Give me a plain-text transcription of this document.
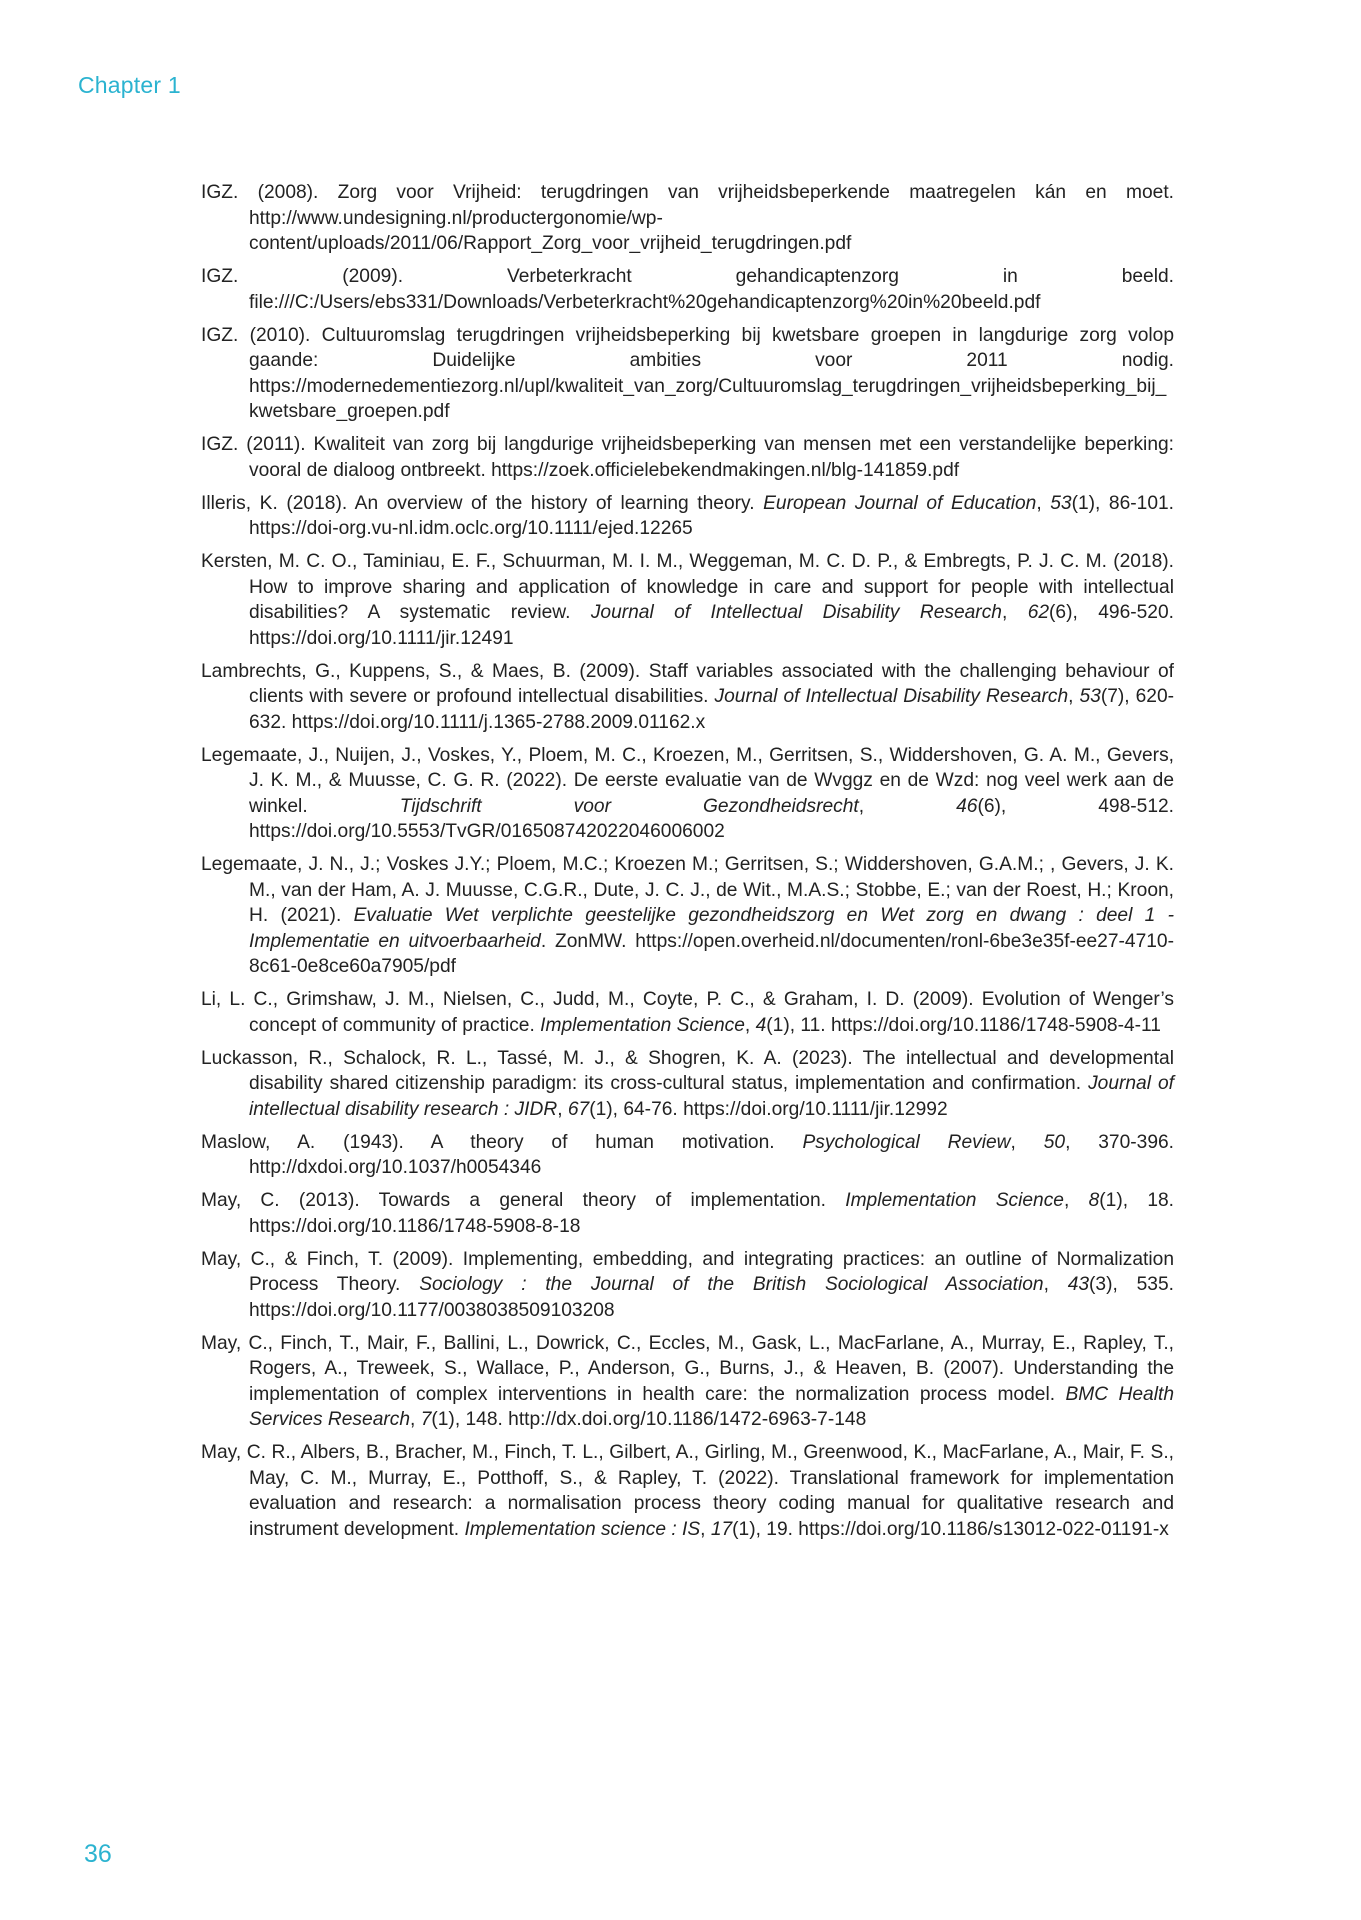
Chapter 1
IGZ. (2008). Zorg voor Vrijheid: terugdringen van vrijheidsbeperkende maatregelen kán en moet. http://www.undesigning.nl/productergonomie/wp-content/uploads/2011/06/Rapport_Zorg_voor_vrijheid_terugdringen.pdf
IGZ. (2009). Verbeterkracht gehandicaptenzorg in beeld. file:///C:/Users/ebs331/Downloads/Verbeterkracht%20gehandicaptenzorg%20in%20beeld.pdf
IGZ. (2010). Cultuuromslag terugdringen vrijheidsbeperking bij kwetsbare groepen in langdurige zorg volop gaande: Duidelijke ambities voor 2011 nodig. https://modernedementiezorg.nl/upl/kwaliteit_van_zorg/Cultuuromslag_terugdringen_vrijheidsbeperking_bij_kwetsbare_groepen.pdf
IGZ. (2011). Kwaliteit van zorg bij langdurige vrijheidsbeperking van mensen met een verstandelijke beperking: vooral de dialoog ontbreekt. https://zoek.officielebekendmakingen.nl/blg-141859.pdf
Illeris, K. (2018). An overview of the history of learning theory. European Journal of Education, 53(1), 86-101. https://doi-org.vu-nl.idm.oclc.org/10.1111/ejed.12265
Kersten, M. C. O., Taminiau, E. F., Schuurman, M. I. M., Weggeman, M. C. D. P., & Embregts, P. J. C. M. (2018). How to improve sharing and application of knowledge in care and support for people with intellectual disabilities? A systematic review. Journal of Intellectual Disability Research, 62(6), 496-520. https://doi.org/10.1111/jir.12491
Lambrechts, G., Kuppens, S., & Maes, B. (2009). Staff variables associated with the challenging behaviour of clients with severe or profound intellectual disabilities. Journal of Intellectual Disability Research, 53(7), 620-632. https://doi.org/10.1111/j.1365-2788.2009.01162.x
Legemaate, J., Nuijen, J., Voskes, Y., Ploem, M. C., Kroezen, M., Gerritsen, S., Widdershoven, G. A. M., Gevers, J. K. M., & Muusse, C. G. R. (2022). De eerste evaluatie van de Wvggz en de Wzd: nog veel werk aan de winkel. Tijdschrift voor Gezondheidsrecht, 46(6), 498-512. https://doi.org/10.5553/TvGR/016508742022046006002
Legemaate, J. N., J.; Voskes J.Y.; Ploem, M.C.; Kroezen M.; Gerritsen, S.; Widdershoven, G.A.M.; , Gevers, J. K. M., van der Ham, A. J. Muusse, C.G.R., Dute, J. C. J., de Wit., M.A.S.; Stobbe, E.; van der Roest, H.; Kroon, H. (2021). Evaluatie Wet verplichte geestelijke gezondheidszorg en Wet zorg en dwang : deel 1 - Implementatie en uitvoerbaarheid. ZonMW. https://open.overheid.nl/documenten/ronl-6be3e35f-ee27-4710-8c61-0e8ce60a7905/pdf
Li, L. C., Grimshaw, J. M., Nielsen, C., Judd, M., Coyte, P. C., & Graham, I. D. (2009). Evolution of Wenger’s concept of community of practice. Implementation Science, 4(1), 11. https://doi.org/10.1186/1748-5908-4-11
Luckasson, R., Schalock, R. L., Tassé, M. J., & Shogren, K. A. (2023). The intellectual and developmental disability shared citizenship paradigm: its cross-cultural status, implementation and confirmation. Journal of intellectual disability research : JIDR, 67(1), 64-76. https://doi.org/10.1111/jir.12992
Maslow, A. (1943). A theory of human motivation. Psychological Review, 50, 370-396. http://dxdoi.org/10.1037/h0054346
May, C. (2013). Towards a general theory of implementation. Implementation Science, 8(1), 18. https://doi.org/10.1186/1748-5908-8-18
May, C., & Finch, T. (2009). Implementing, embedding, and integrating practices: an outline of Normalization Process Theory. Sociology : the Journal of the British Sociological Association, 43(3), 535. https://doi.org/10.1177/0038038509103208
May, C., Finch, T., Mair, F., Ballini, L., Dowrick, C., Eccles, M., Gask, L., MacFarlane, A., Murray, E., Rapley, T., Rogers, A., Treweek, S., Wallace, P., Anderson, G., Burns, J., & Heaven, B. (2007). Understanding the implementation of complex interventions in health care: the normalization process model. BMC Health Services Research, 7(1), 148. http://dx.doi.org/10.1186/1472-6963-7-148
May, C. R., Albers, B., Bracher, M., Finch, T. L., Gilbert, A., Girling, M., Greenwood, K., MacFarlane, A., Mair, F. S., May, C. M., Murray, E., Potthoff, S., & Rapley, T. (2022). Translational framework for implementation evaluation and research: a normalisation process theory coding manual for qualitative research and instrument development. Implementation science : IS, 17(1), 19. https://doi.org/10.1186/s13012-022-01191-x
36
